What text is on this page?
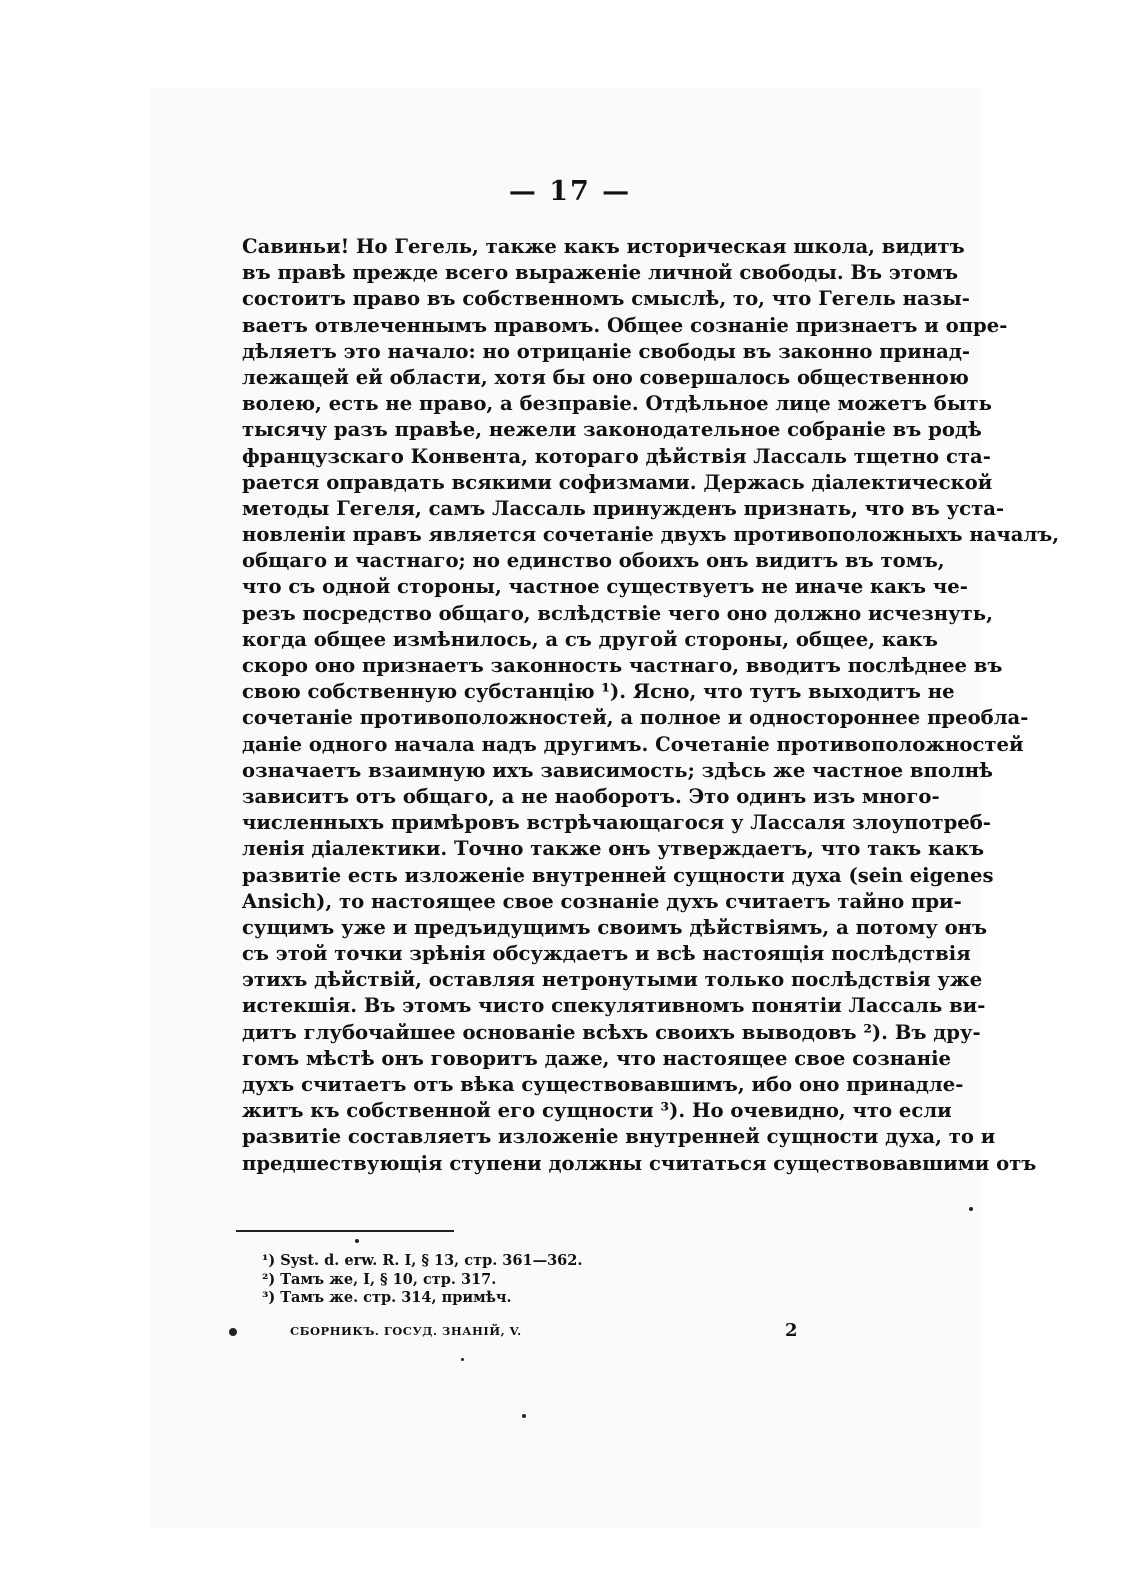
— 17 —
Савиньи! Но Гегель, также какъ историческая школа, видитъ
въ правѣ прежде всего выраженіе личной свободы. Въ этомъ
состоитъ право въ собственномъ смыслѣ, то, что Гегель назы-
ваетъ отвлеченнымъ правомъ. Общее сознаніе признаетъ и опре-
дѣляетъ это начало: но отрицаніе свободы въ законно принад-
лежащей ей области, хотя бы оно совершалось общественною
волею, есть не право, а безправіе. Отдѣльное лице можетъ быть
тысячу разъ правѣе, нежели законодательное собраніе въ родѣ
французскаго Конвента, котораго дѣйствія Лассаль тщетно ста-
рается оправдать всякими софизмами. Держась діалектической
методы Гегеля, самъ Лассаль принужденъ признать, что въ уста-
новленіи правъ является сочетаніе двухъ противоположныхъ началъ,
общаго и частнаго; но единство обоихъ онъ видитъ въ томъ,
что съ одной стороны, частное существуетъ не иначе какъ че-
резъ посредство общаго, вслѣдствіе чего оно должно исчезнуть,
когда общее измѣнилось, а съ другой стороны, общее, какъ
скоро оно признаетъ законность частнаго, вводитъ послѣднее въ
свою собственную субстанцію ¹). Ясно, что тутъ выходитъ не
сочетаніе противоположностей, а полное и одностороннее преобла-
даніе одного начала надъ другимъ. Сочетаніе противоположностей
означаетъ взаимную ихъ зависимость; здѣсь же частное вполнѣ
зависитъ отъ общаго, а не наоборотъ. Это одинъ изъ много-
численныхъ примѣровъ встрѣчающагося у Лассаля злоупотреб-
ленія діалектики. Точно также онъ утверждаетъ, что такъ какъ
развитіе есть изложеніе внутренней сущности духа (sein eigenes
Ansich), то настоящее свое сознаніе духъ считаетъ тайно при-
сущимъ уже и предъидущимъ своимъ дѣйствіямъ, а потому онъ
съ этой точки зрѣнія обсуждаетъ и всѣ настоящія послѣдствія
этихъ дѣйствій, оставляя нетронутыми только послѣдствія уже
истекшія. Въ этомъ чисто спекулятивномъ понятіи Лассаль ви-
дитъ глубочайшее основаніе всѣхъ своихъ выводовъ ²). Въ дру-
гомъ мѣстѣ онъ говоритъ даже, что настоящее свое сознаніе
духъ считаетъ отъ вѣка существовавшимъ, ибо оно принадле-
житъ къ собственной его сущности ³). Но очевидно, что если
развитіе составляетъ изложеніе внутренней сущности духа, то и
предшествующія ступени должны считаться существовавшими отъ
¹) Syst. d. erw. R. I, § 13, стр. 361—362.
²) Тамъ же, I, § 10, стр. 317.
³) Тамъ же. стр. 314, примѣч.
СБОРНИКЪ. ГОСУД. ЗНАНІЙ, V.	2
